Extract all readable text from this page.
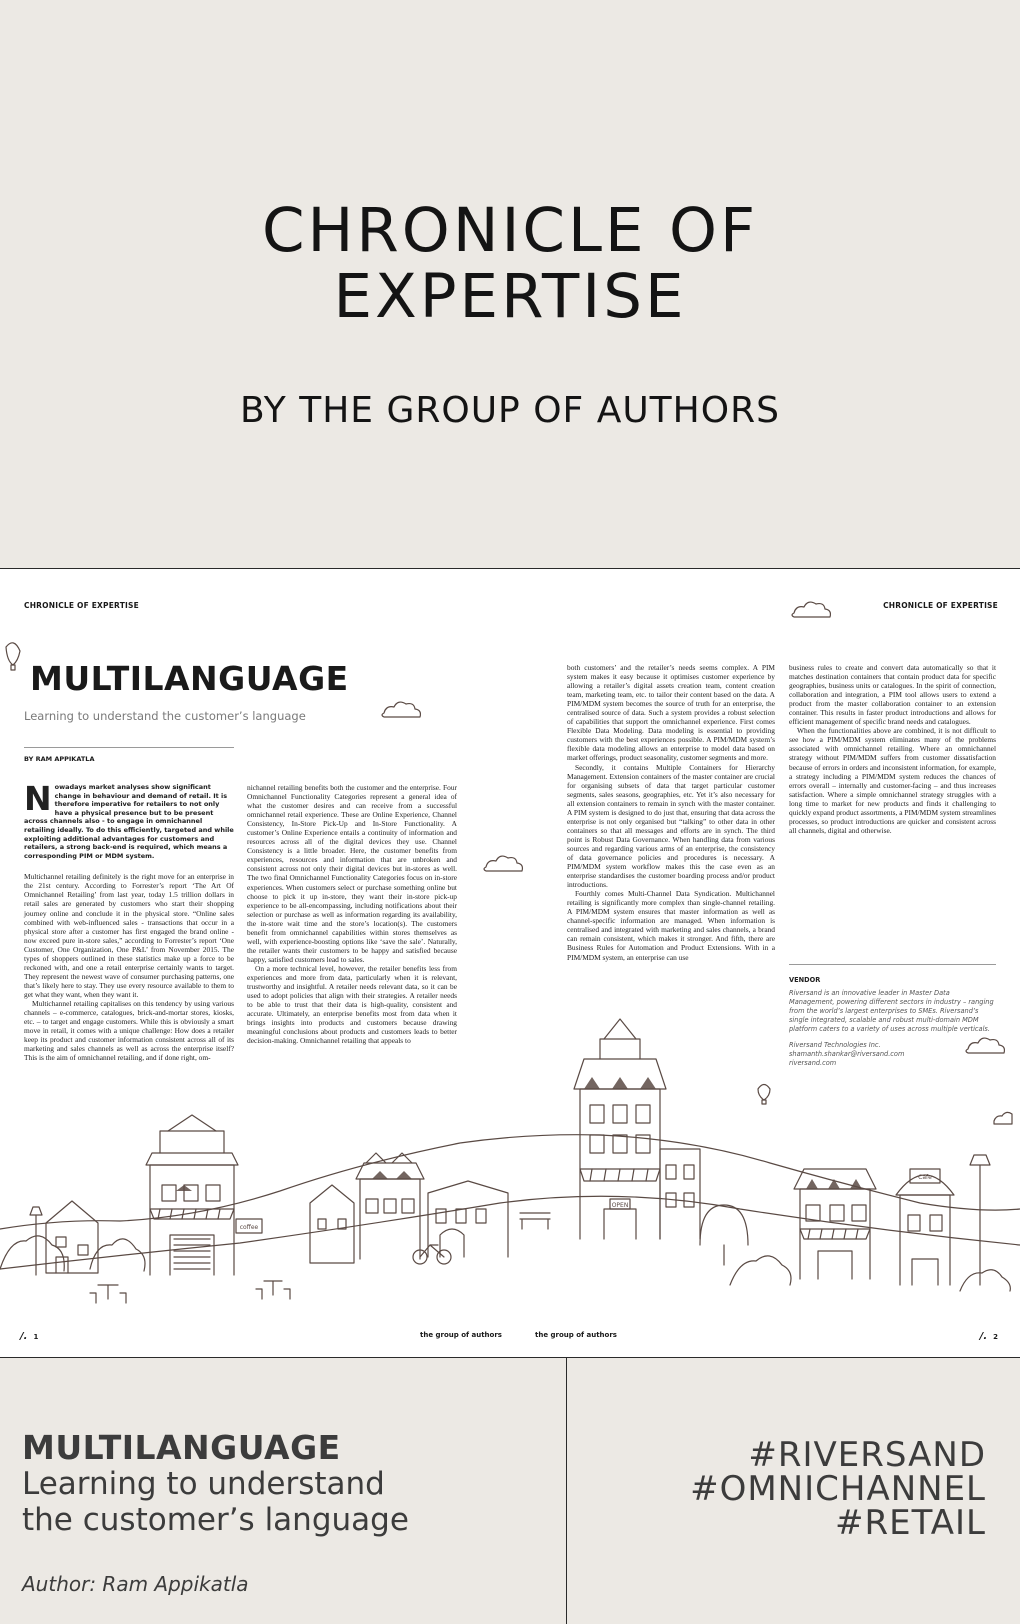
CHRONICLE OF
EXPERTISE
BY THE GROUP OF AUTHORS
CHRONICLE OF EXPERTISE	CHRONICLE OF EXPERTISE
MULTILANGUAGE
Learning to understand the customer’s language
BY RAM APPIKATLA
Nowadays market analyses show significant change in behaviour and demand of retail. It is therefore imperative for retailers to not only have a physical presence but to be present across channels also - to engage in omnichannel retailing ideally. To do this efficiently, targeted and while exploiting additional advantages for customers and retailers, a strong back-end is required, which means a corresponding PIM or MDM system.

Multichannel retailing definitely is the right move for an enterprise in the 21st century. According to Forrester’s report ‘The Art Of Omnichannel Retailing’ from last year, today 1.5 trillion dollars in retail sales are generated by customers who start their shopping journey online and conclude it in the physical store. “Online sales combined with web-influenced sales - transactions that occur in a physical store after a customer has first engaged the brand online - now exceed pure in-store sales,” according to Forrester’s report ‘One Customer, One Organization, One P&L’ from November 2015. The types of shoppers outlined in these statistics make up a force to be reckoned with, and one a retail enterprise certainly wants to target. They represent the newest wave of consumer purchasing patterns, one that’s likely here to stay. They use every resource available to them to get what they want, when they want it.

Multichannel retailing capitalises on this tendency by using various channels – e-commerce, catalogues, brick-and-mortar stores, kiosks, etc. – to target and engage customers. While this is obviously a smart move in retail, it comes with a unique challenge: How does a retailer keep its product and customer information consistent across all of its marketing and sales channels as well as across the enterprise itself? This is the aim of omnichannel retailing, and if done right, om-

nichannel retailing benefits both the customer and the enterprise. Four Omnichannel Functionality Categories represent a general idea of what the customer desires and can receive from a successful omnichannel retail experience. These are Online Experience, Channel Consistency, In-Store Pick-Up and In-Store Functionality. A customer’s Online Experience entails a continuity of information and resources across all of the digital devices they use. Channel Consistency is a little broader. Here, the customer benefits from experiences, resources and information that are unbroken and consistent across not only their digital devices but in-stores as well. The two final Omnichannel Functionality Categories focus on in-store experiences. When customers select or purchase something online but choose to pick it up in-store, they want their in-store pick-up experience to be all-encompassing, including notifications about their selection or purchase as well as information regarding its availability, the in-store wait time and the store’s location(s). The customers benefit from omnichannel capabilities within stores themselves as well, with experience-boosting options like ‘save the sale’. Naturally, the retailer wants their customers to be happy and satisfied because happy, satisfied customers lead to sales.

On a more technical level, however, the retailer benefits less from experiences and more from data, particularly when it is relevant, trustworthy and insightful. A retailer needs relevant data, so it can be used to adopt policies that align with their strategies. A retailer needs to be able to trust that their data is high-quality, consistent and accurate. Ultimately, an enterprise benefits most from data when it brings insights into products and customers because drawing meaningful conclusions about products and customers leads to better decision-making. Omnichannel retailing that appeals to

both customers’ and the retailer’s needs seems complex. A PIM system makes it easy because it optimises customer experience by allowing a retailer’s digital assets creation team, content creation team, marketing team, etc. to tailor their content based on the data. A PIM/MDM system becomes the source of truth for an enterprise, the centralised source of data. Such a system provides a robust selection of capabilities that support the omnichannel experience. First comes Flexible Data Modeling. Data modeling is essential to providing customers with the best experiences possible. A PIM/MDM system’s flexible data modeling allows an enterprise to model data based on market offerings, product seasonality, customer segments and more.

Secondly, it contains Multiple Containers for Hierarchy Management. Extension containers of the master container are crucial for organising subsets of data that target particular customer segments, sales seasons, geographies, etc. Yet it’s also necessary for all extension containers to remain in synch with the master container. A PIM system is designed to do just that, ensuring that data across the enterprise is not only organised but “talking” to other data in other containers so that all messages and efforts are in synch. The third point is Robust Data Governance. When handling data from various sources and regarding various arms of an enterprise, the consistency of data governance policies and procedures is necessary. A PIM/MDM system workflow makes this the case even as an enterprise standardises the customer boarding process and/or product introductions.

Fourthly comes Multi-Channel Data Syndication. Multichannel retailing is significantly more complex than single-channel retailing. A PIM/MDM system ensures that master information as well as channel-specific information are managed. When information is centralised and integrated with marketing and sales channels, a brand can remain consistent, which makes it stronger. And fifth, there are Business Rules for Automation and Product Extensions. With in a PIM/MDM system, an enterprise can use

business rules to create and convert data automatically so that it matches destination containers that contain product data for specific geographies, business units or catalogues. In the spirit of connection, collaboration and integration, a PIM tool allows users to extend a product from the master collaboration container to an extension container. This results in faster product introductions and allows for efficient management of specific brand needs and catalogues.

When the functionalities above are combined, it is not difficult to see how a PIM/MDM system eliminates many of the problems associated with omnichannel retailing. Where an omnichannel strategy without PIM/MDM suffers from customer dissatisfaction because of errors in orders and inconsistent information, for example, a strategy including a PIM/MDM system reduces the chances of errors overall – internally and customer-facing – and thus increases satisfaction. Where a simple omnichannel strategy struggles with a long time to market for new products and finds it challenging to quickly expand product assortments, a PIM/MDM system streamlines processes, so product introductions are quicker and consistent across all channels, digital and otherwise.

VENDOR
Riversand is an innovative leader in Master Data Management, powering different sectors in industry – ranging from the world’s largest enterprises to SMEs. Riversand’s single integrated, scalable and robust multi-domain MDM platform caters to a variety of uses across multiple verticals.
Riversand Technologies Inc.
shamanth.shankar@riversand.com
riversand.com
coffee
OPEN
Cafe
/. 1	/. 2
the group of authors	the group of authors
MULTILANGUAGE
Learning to understand
the customer’s language
Author: Ram Appikatla
#RIVERSAND
#OMNICHANNEL
#RETAIL
